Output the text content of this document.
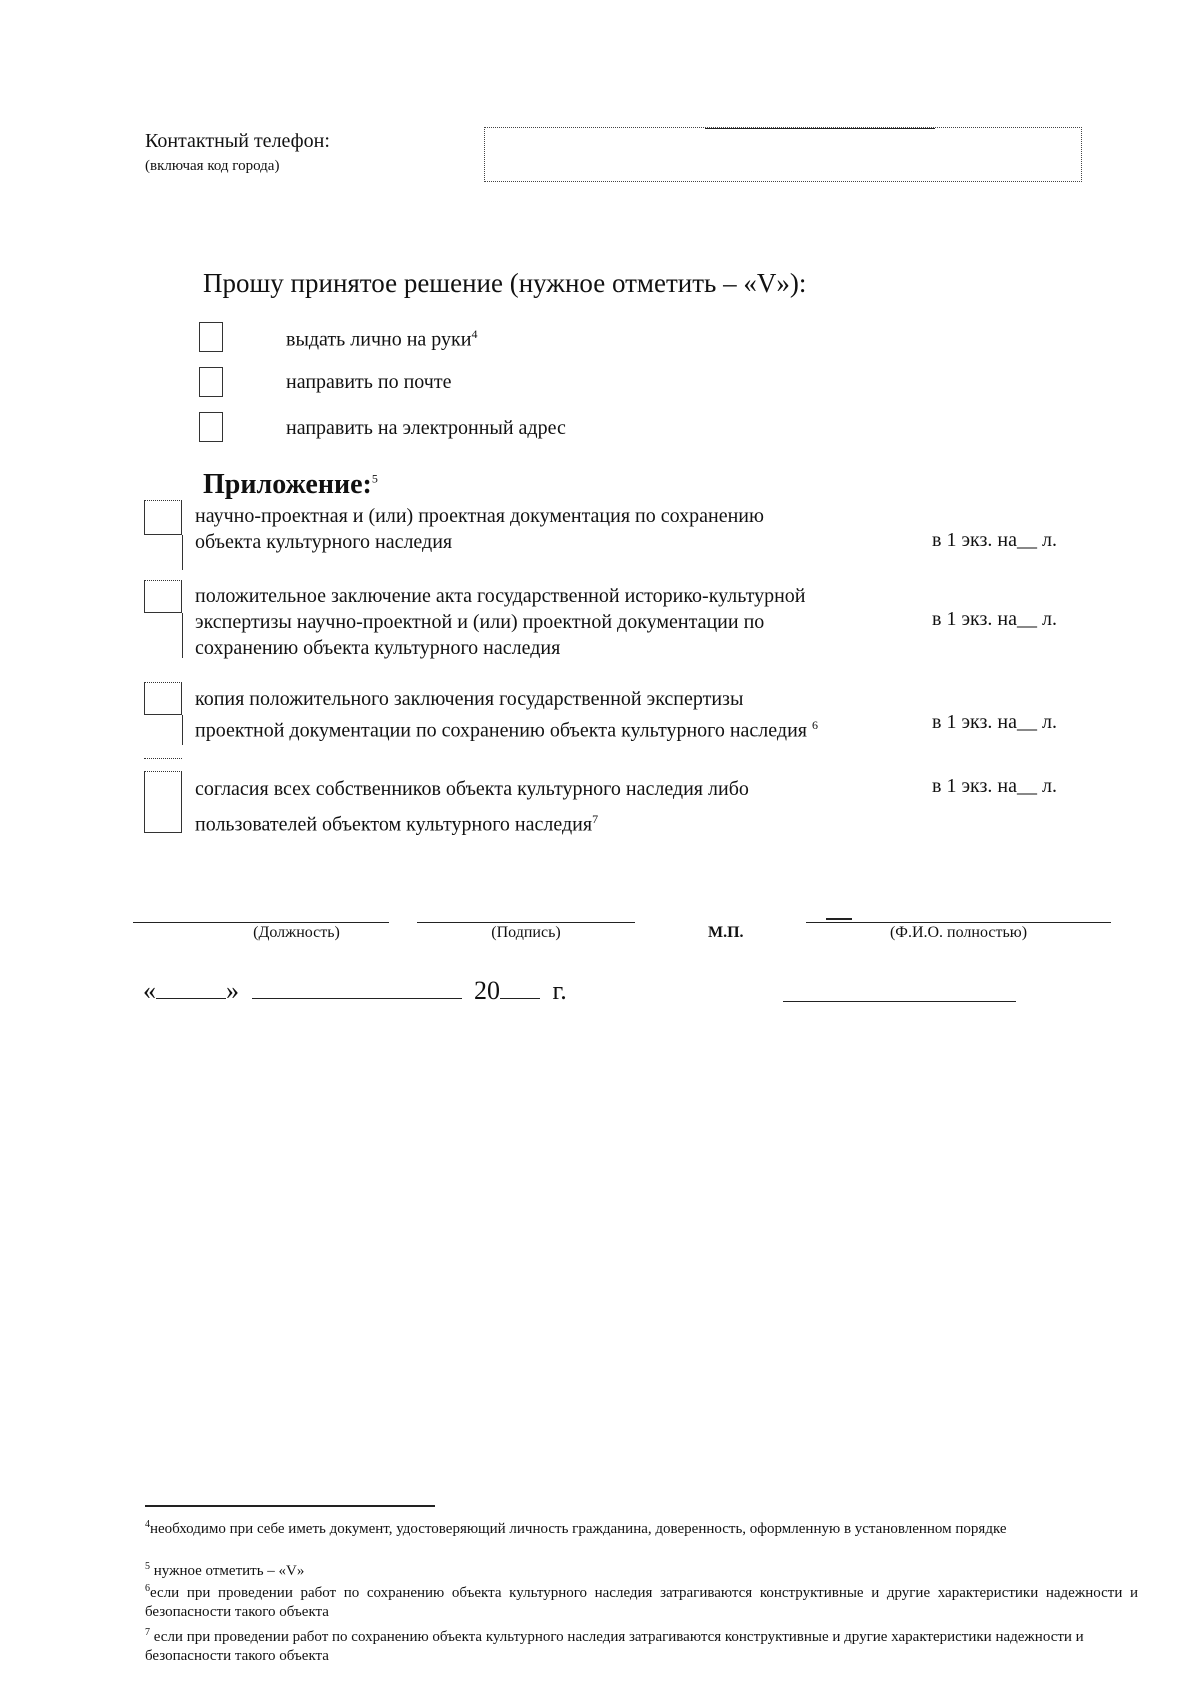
Контактный телефон:
(включая код города)
Прошу принятое решение (нужное отметить – «V»):
выдать лично на руки$^4$
направить по почте
направить на электронный адрес
Приложение:$^5$
научно-проектная и (или) проектная документация по сохранению
объекта культурного наследия	в 1 экз. на__ л.
положительное заключение акта государственной историко-культурной
экспертизы научно-проектной и (или) проектной документации по
сохранению объекта культурного наследия
в 1 экз. на__ л.
копия положительного заключения государственной экспертизы
проектной документации по сохранению объекта культурного наследия $^6$	в 1 экз. на__ л.
согласия всех собственников объекта культурного наследия либо
пользователей объектом культурного наследия$^7$
в 1 экз. на__ л.
(Должность)	(Подпись)	М.П.	(Ф.И.О. полностью)
«	»	20 г.
$^4$необходимо при себе иметь документ, удостоверяющий личность гражданина, доверенность, оформленную в установленном порядке
$^5$ нужное отметить – «V»
$^6$если при проведении работ по сохранению объекта культурного наследия затрагиваются конструктивные и другие характеристики надежности и безопасности такого объекта
$^7$ если при проведении работ по сохранению объекта культурного наследия затрагиваются конструктивные и другие характеристики надежности и безопасности такого объекта
